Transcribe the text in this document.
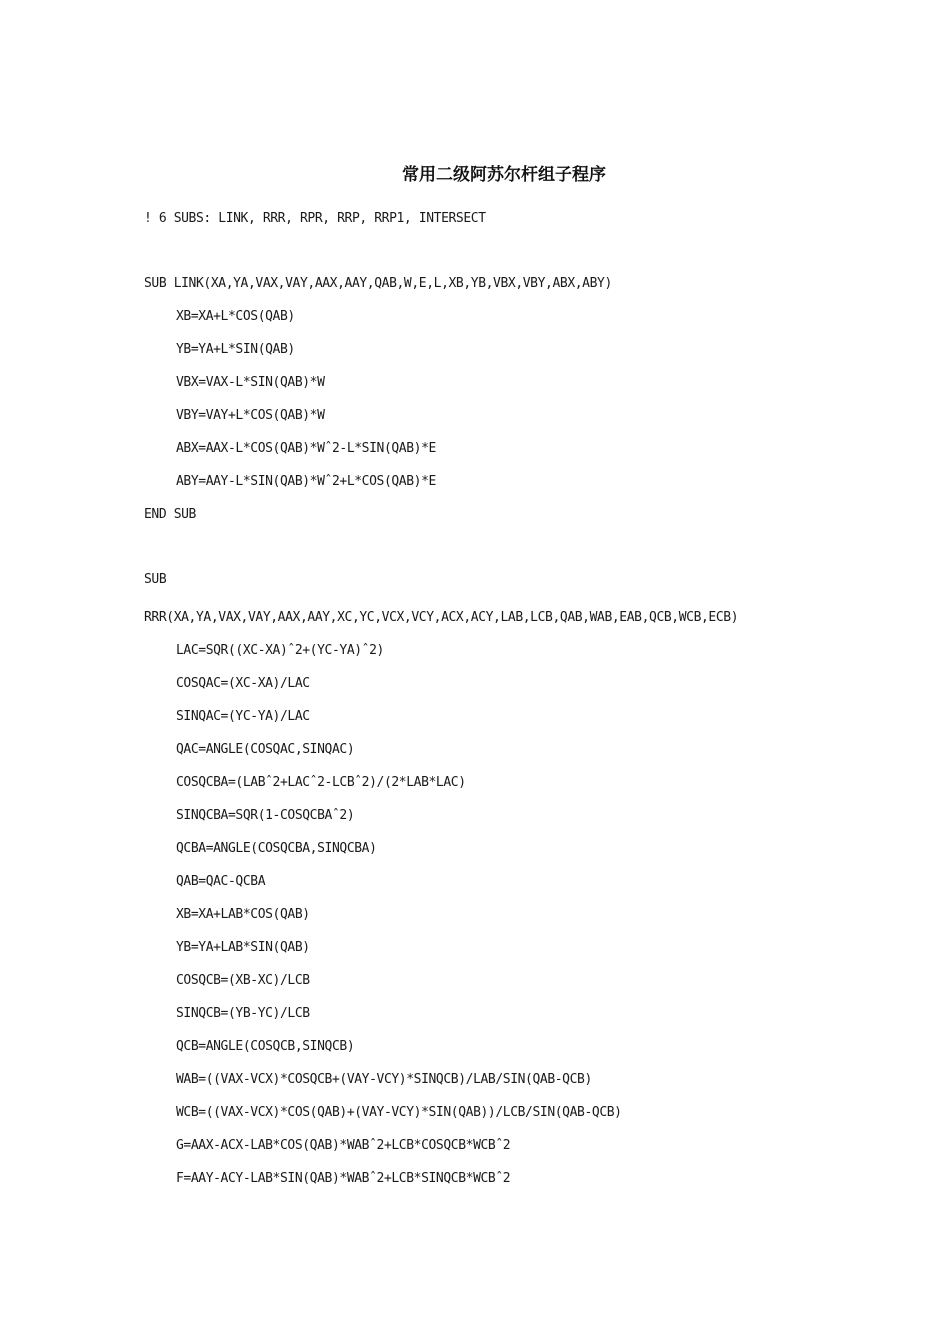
常用二级阿苏尔杆组子程序
! 6 SUBS: LINK, RRR, RPR, RRP, RRP1, INTERSECT
SUB LINK(XA,YA,VAX,VAY,AAX,AAY,QAB,W,E,L,XB,YB,VBX,VBY,ABX,ABY)
XB=XA+L*COS(QAB)
YB=YA+L*SIN(QAB)
VBX=VAX-L*SIN(QAB)*W
VBY=VAY+L*COS(QAB)*W
ABX=AAX-L*COS(QAB)*Wˆ2-L*SIN(QAB)*E
ABY=AAY-L*SIN(QAB)*Wˆ2+L*COS(QAB)*E
END SUB
SUB
RRR(XA,YA,VAX,VAY,AAX,AAY,XC,YC,VCX,VCY,ACX,ACY,LAB,LCB,QAB,WAB,EAB,QCB,WCB,ECB)
LAC=SQR((XC-XA)ˆ2+(YC-YA)ˆ2)
COSQAC=(XC-XA)/LAC
SINQAC=(YC-YA)/LAC
QAC=ANGLE(COSQAC,SINQAC)
COSQCBA=(LABˆ2+LACˆ2-LCBˆ2)/(2*LAB*LAC)
SINQCBA=SQR(1-COSQCBAˆ2)
QCBA=ANGLE(COSQCBA,SINQCBA)
QAB=QAC-QCBA
XB=XA+LAB*COS(QAB)
YB=YA+LAB*SIN(QAB)
COSQCB=(XB-XC)/LCB
SINQCB=(YB-YC)/LCB
QCB=ANGLE(COSQCB,SINQCB)
WAB=((VAX-VCX)*COSQCB+(VAY-VCY)*SINQCB)/LAB/SIN(QAB-QCB)
WCB=((VAX-VCX)*COS(QAB)+(VAY-VCY)*SIN(QAB))/LCB/SIN(QAB-QCB)
G=AAX-ACX-LAB*COS(QAB)*WABˆ2+LCB*COSQCB*WCBˆ2
F=AAY-ACY-LAB*SIN(QAB)*WABˆ2+LCB*SINQCB*WCBˆ2
